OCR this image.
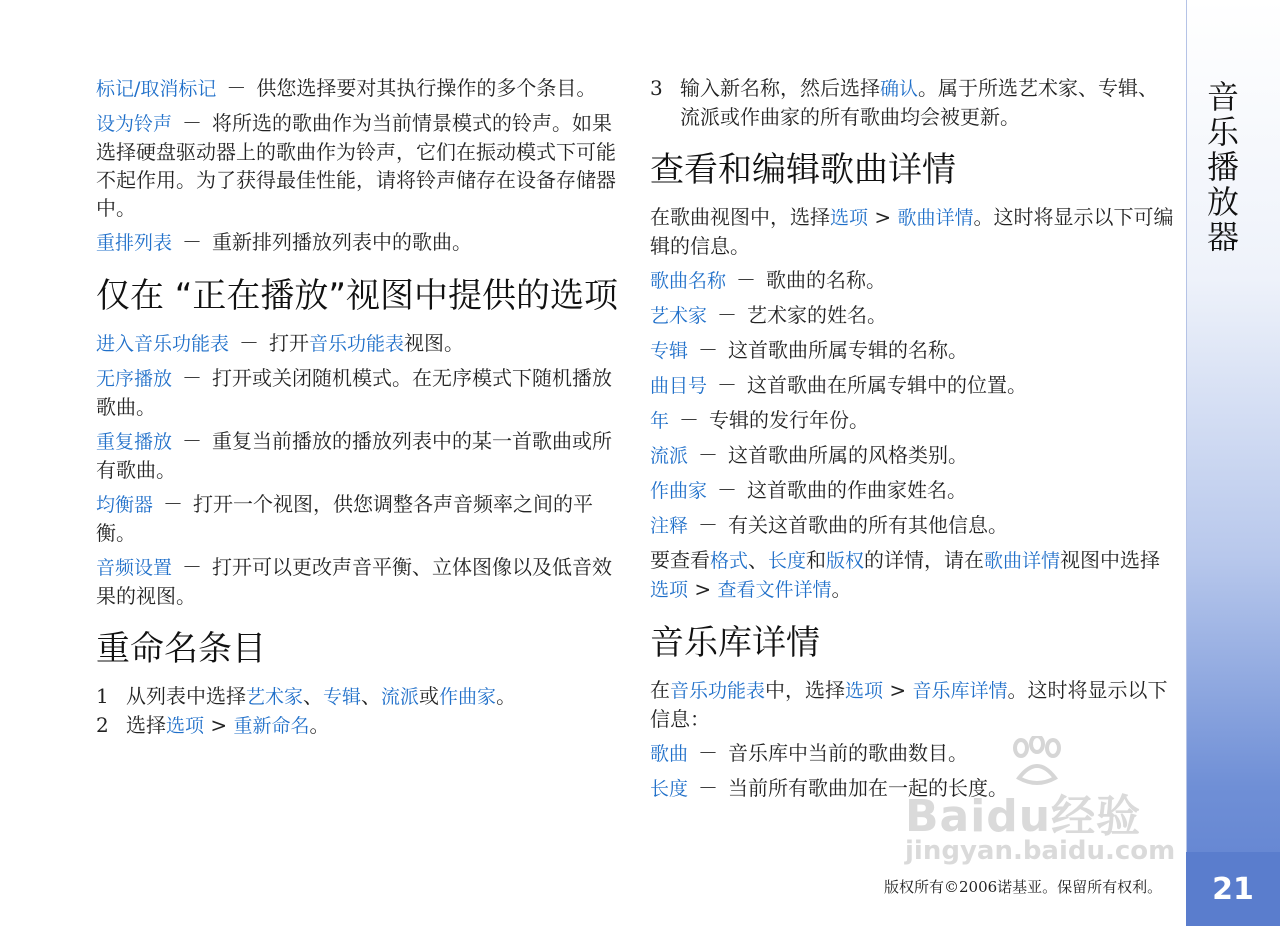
标记/取消标记 － 供您选择要对其执行操作的多个条目。
设为铃声 － 将所选的歌曲作为当前情景模式的铃声。如果选择硬盘驱动器上的歌曲作为铃声，它们在振动模式下可能不起作用。为了获得最佳性能，请将铃声储存在设备存储器中。
重排列表 － 重新排列播放列表中的歌曲。
仅在 “正在播放”视图中提供的选项
进入音乐功能表 － 打开音乐功能表视图。
无序播放 － 打开或关闭随机模式。在无序模式下随机播放歌曲。
重复播放 － 重复当前播放的播放列表中的某一首歌曲或所有歌曲。
均衡器 － 打开一个视图，供您调整各声音频率之间的平衡。
音频设置 － 打开可以更改声音平衡、立体图像以及低音效果的视图。
重命名条目
1 从列表中选择艺术家、专辑、流派或作曲家。
2 选择选项 > 重新命名。
3 输入新名称，然后选择确认。属于所选艺术家、专辑、流派或作曲家的所有歌曲均会被更新。
查看和编辑歌曲详情
在歌曲视图中，选择选项 > 歌曲详情。这时将显示以下可编辑的信息。
歌曲名称 － 歌曲的名称。
艺术家 － 艺术家的姓名。
专辑 － 这首歌曲所属专辑的名称。
曲目号 － 这首歌曲在所属专辑中的位置。
年 － 专辑的发行年份。
流派 － 这首歌曲所属的风格类别。
作曲家 － 这首歌曲的作曲家姓名。
注释 － 有关这首歌曲的所有其他信息。
要查看格式、长度和版权的详情，请在歌曲详情视图中选择选项 > 查看文件详情。
音乐库详情
在音乐功能表中，选择选项 > 音乐库详情。这时将显示以下信息：
歌曲 － 音乐库中当前的歌曲数目。
长度 － 当前所有歌曲加在一起的长度。
音乐播放器
21
版权所有©2006诺基亚。保留所有权利。
Baidu经验
jingyan.baidu.com
